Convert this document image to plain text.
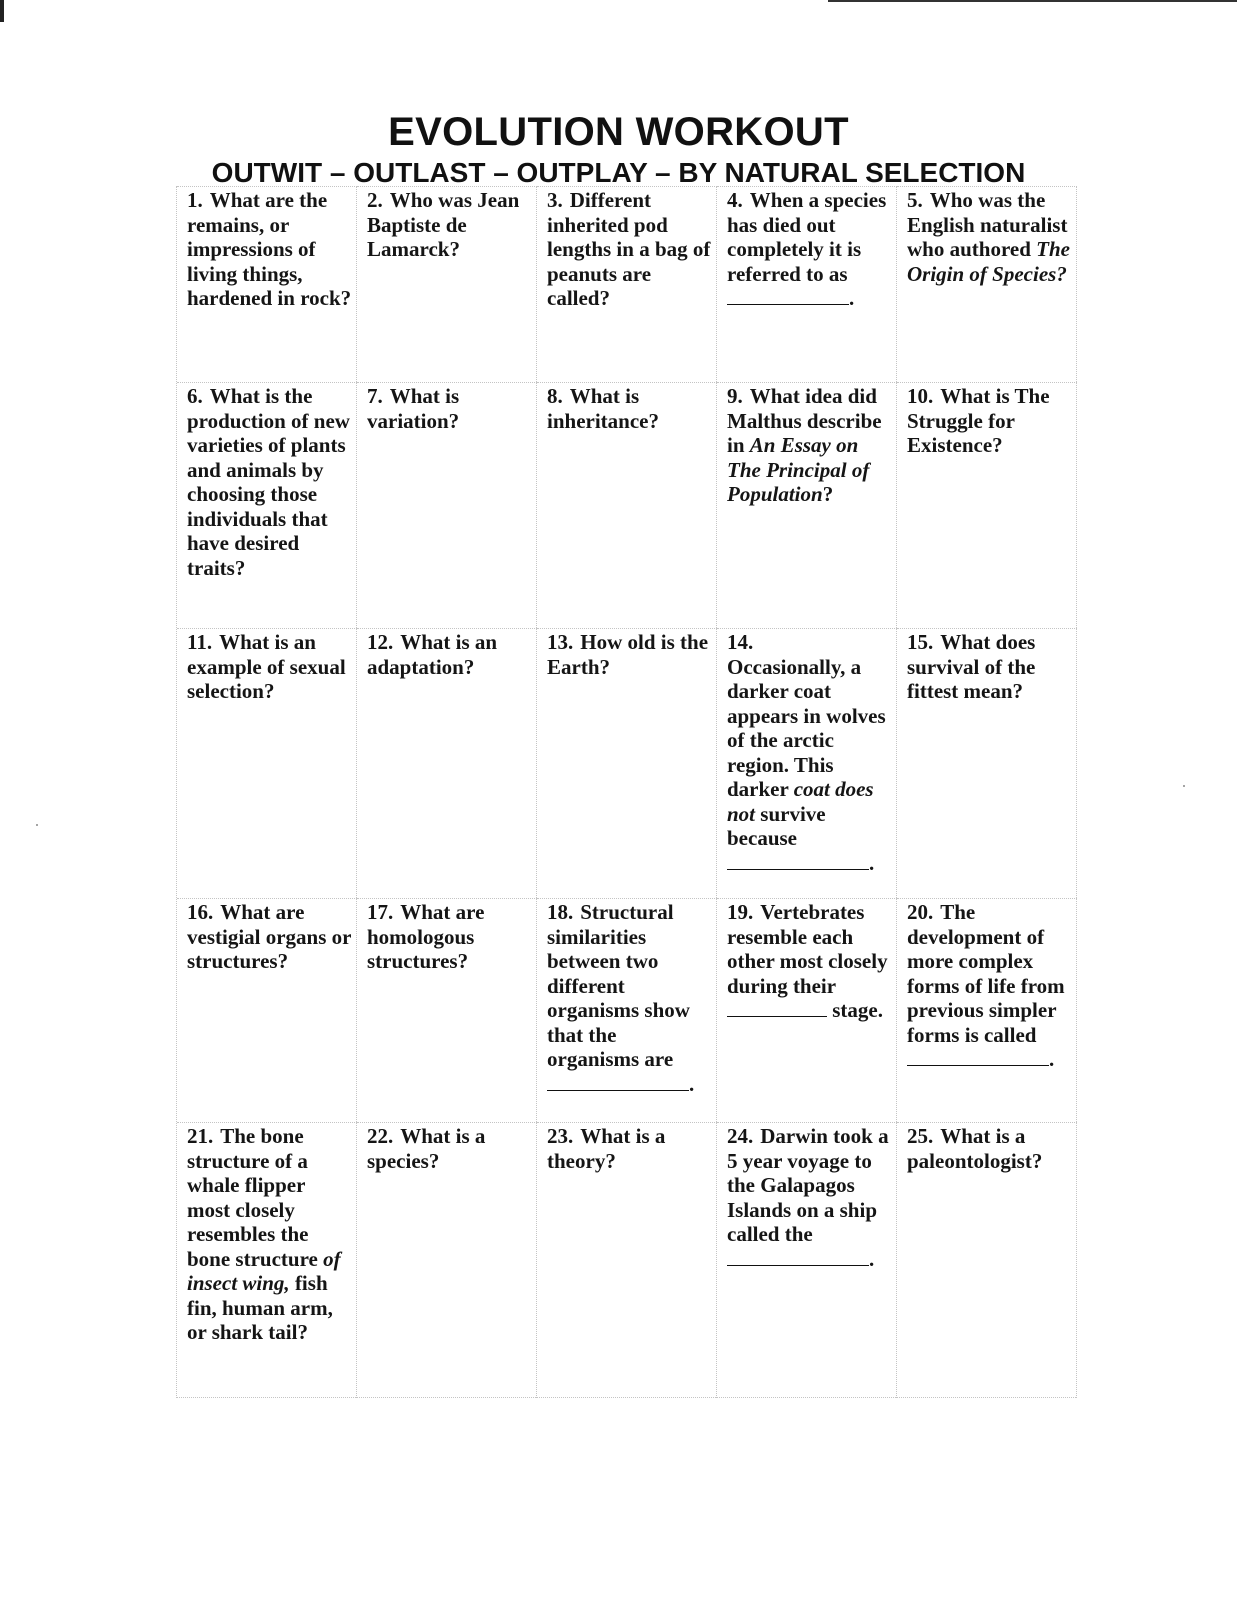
EVOLUTION WORKOUT
OUTWIT – OUTLAST – OUTPLAY – BY NATURAL SELECTION
1. What are the remains, or impressions of living things, hardened in rock?
2. Who was Jean Baptiste de Lamarck?
3. Different inherited pod lengths in a bag of peanuts are called?
4. When a species has died out completely it is referred to as .
5. Who was the English naturalist who authored The Origin of Species?
6. What is the production of new varieties of plants and animals by choosing those individuals that have desired traits?
7. What is variation?
8. What is inheritance?
9. What idea did Malthus describe in An Essay on The Principal of Population?
10. What is The Struggle for Existence?
11. What is an example of sexual selection?
12. What is an adaptation?
13. How old is the Earth?
14.
Occasionally, a darker coat appears in wolves of the arctic region. This darker coat does not survive because
.
15. What does survival of the fittest mean?
16. What are vestigial organs or structures?
17. What are homologous structures?
18. Structural similarities between two different organisms show that the organisms are
.
19. Vertebrates resemble each other most closely during their  stage.
20. The development of more complex forms of life from previous simpler forms is called
.
21. The bone structure of a whale flipper most closely resembles the bone structure of insect wing, fish fin, human arm, or shark tail?
22. What is a species?
23. What is a theory?
24. Darwin took a 5 year voyage to the Galapagos Islands on a ship called the
.
25. What is a paleontologist?
